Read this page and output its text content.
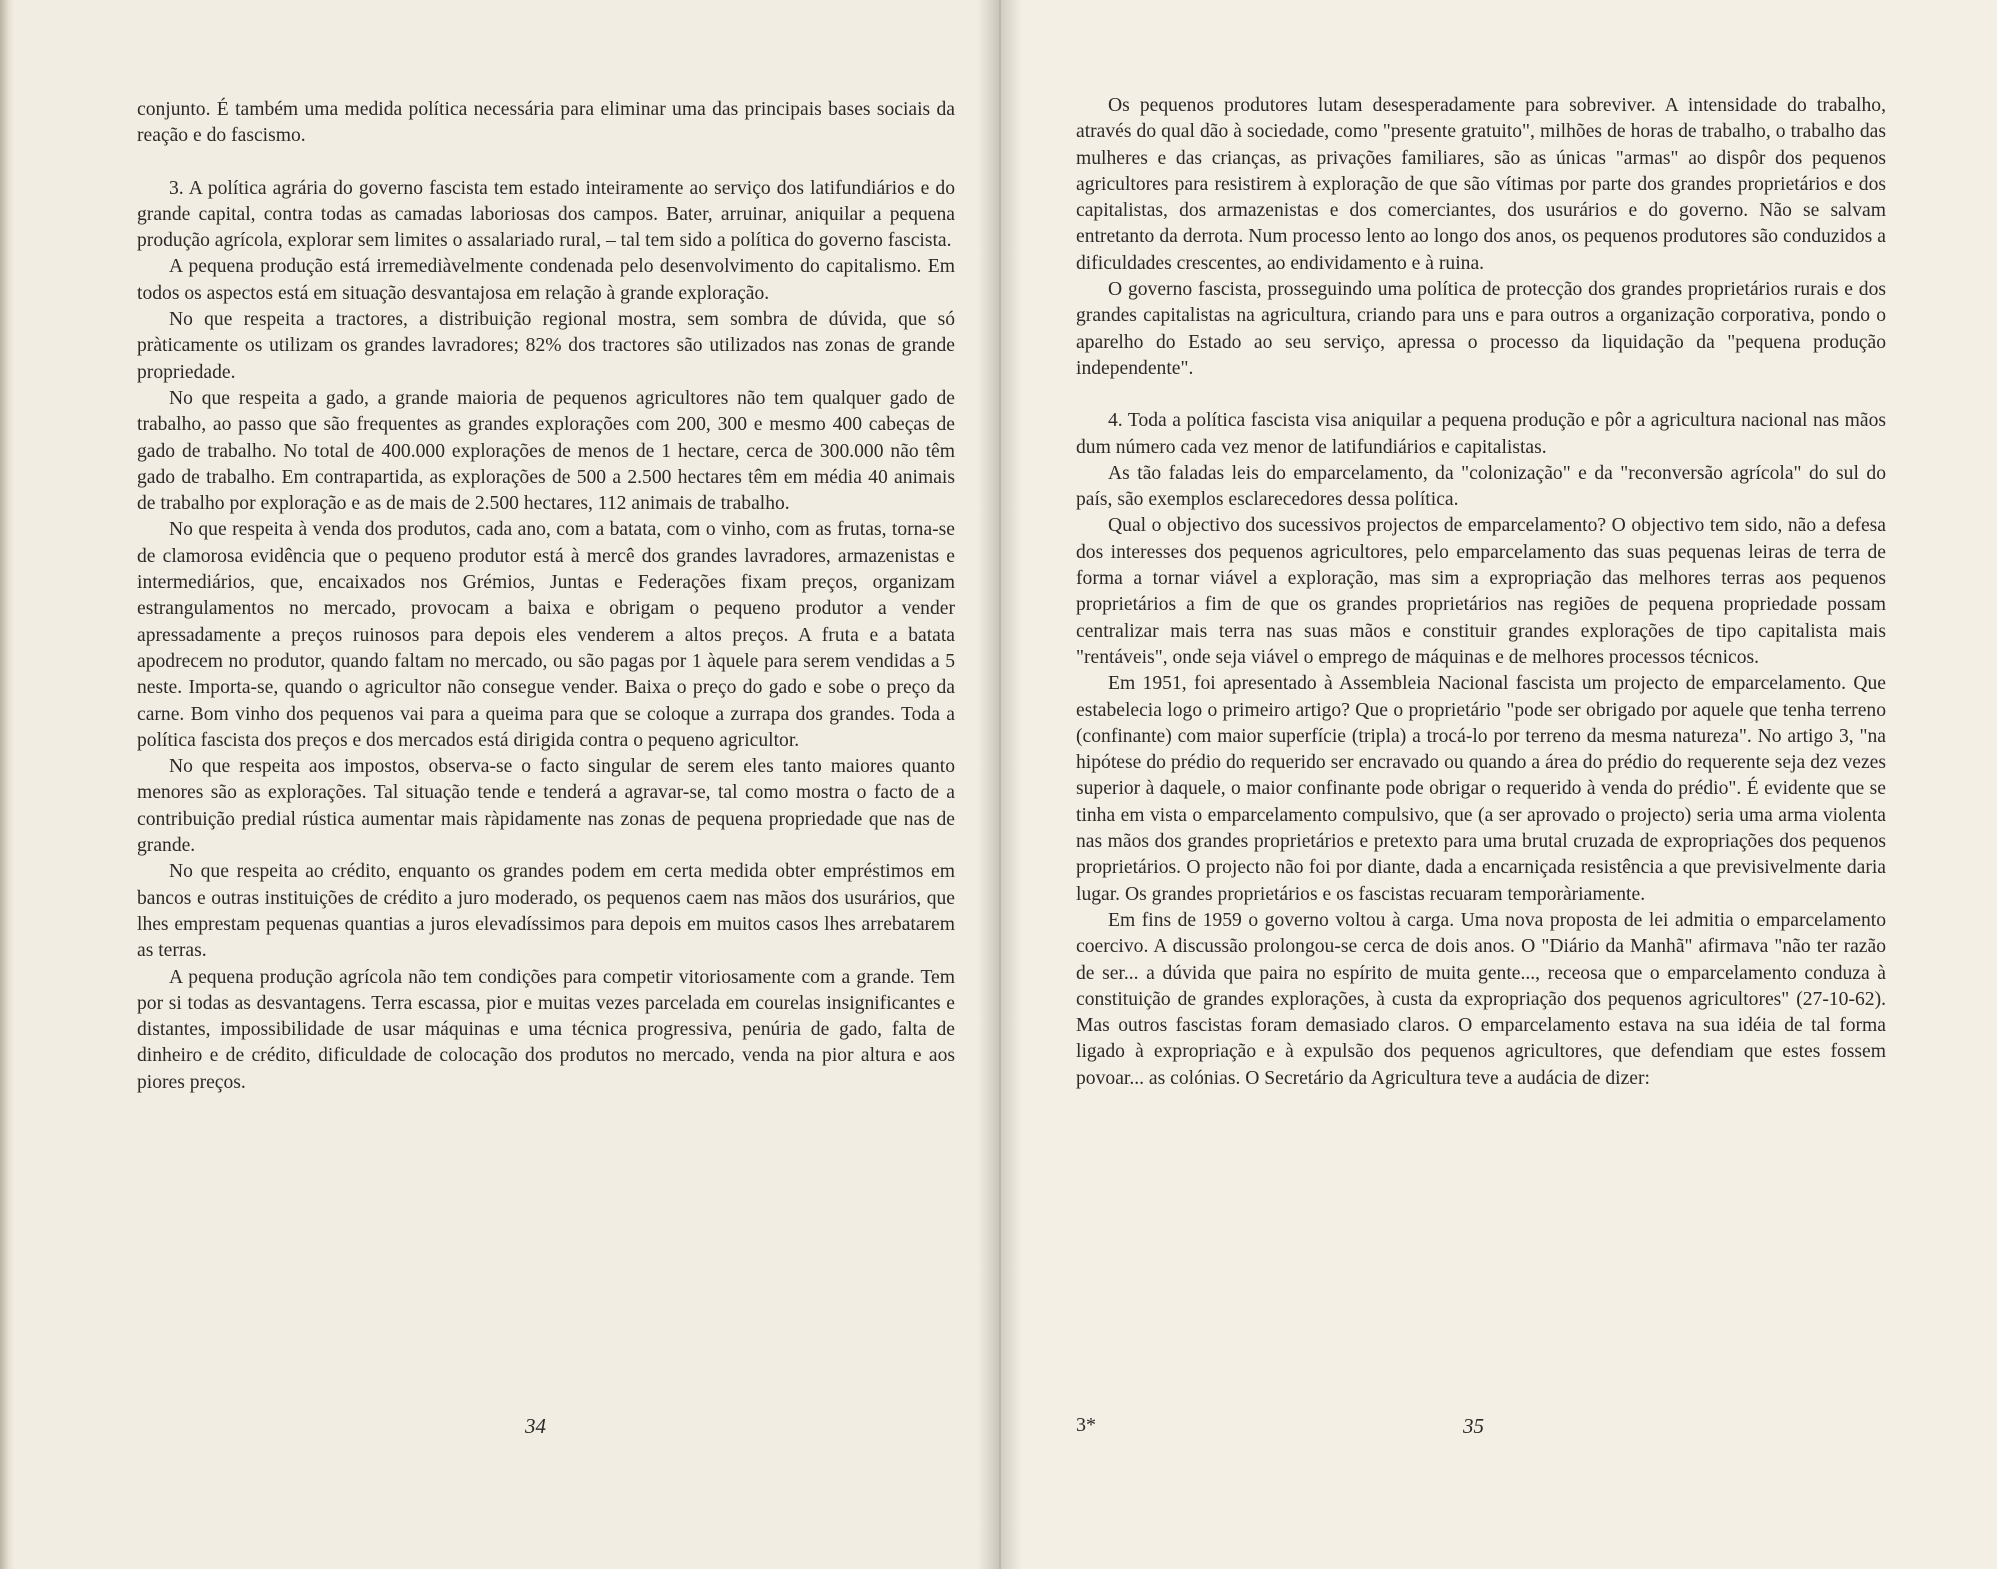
conjunto. É também uma medida política necessária para eliminar uma das principais bases sociais da reação e do fascismo.

3. A política agrária do governo fascista tem estado inteiramente ao serviço dos latifundiários e do grande capital, contra todas as camadas laboriosas dos campos. Bater, arruinar, aniquilar a pequena produção agrícola, explorar sem limites o assalariado rural, – tal tem sido a política do governo fascista.

A pequena produção está irremediàvelmente condenada pelo desenvolvimento do capitalismo. Em todos os aspectos está em situação desvantajosa em relação à grande exploração.

No que respeita a tractores, a distribuição regional mostra, sem sombra de dúvida, que só pràticamente os utilizam os grandes lavradores; 82% dos tractores são utilizados nas zonas de grande propriedade.

No que respeita a gado, a grande maioria de pequenos agricultores não tem qualquer gado de trabalho, ao passo que são frequentes as grandes explorações com 200, 300 e mesmo 400 cabeças de gado de trabalho. No total de 400.000 explorações de menos de 1 hectare, cerca de 300.000 não têm gado de trabalho. Em contrapartida, as explorações de 500 a 2.500 hectares têm em média 40 animais de trabalho por exploração e as de mais de 2.500 hectares, 112 animais de trabalho.

No que respeita à venda dos produtos, cada ano, com a batata, com o vinho, com as frutas, torna-se de clamorosa evidência que o pequeno produtor está à mercê dos grandes lavradores, armazenistas e intermediários, que, encaixados nos Grémios, Juntas e Federações fixam preços, organizam estrangulamentos no mercado, provocam a baixa e obrigam o pequeno produtor a vender apressadamente a preços ruinosos para depois eles venderem a altos preços. A fruta e a batata apodrecem no produtor, quando faltam no mercado, ou são pagas por 1 àquele para serem vendidas a 5 neste. Importa-se, quando o agricultor não consegue vender. Baixa o preço do gado e sobe o preço da carne. Bom vinho dos pequenos vai para a queima para que se coloque a zurrapa dos grandes. Toda a política fascista dos preços e dos mercados está dirigida contra o pequeno agricultor.

No que respeita aos impostos, observa-se o facto singular de serem eles tanto maiores quanto menores são as explorações. Tal situação tende e tenderá a agravar-se, tal como mostra o facto de a contribuição predial rústica aumentar mais ràpidamente nas zonas de pequena propriedade que nas de grande.

No que respeita ao crédito, enquanto os grandes podem em certa medida obter empréstimos em bancos e outras instituições de crédito a juro moderado, os pequenos caem nas mãos dos usurários, que lhes emprestam pequenas quantias a juros elevadíssimos para depois em muitos casos lhes arrebatarem as terras.

A pequena produção agrícola não tem condições para competir vitoriosamente com a grande. Tem por si todas as desvantagens. Terra escassa, pior e muitas vezes parcelada em courelas insignificantes e distantes, impossibilidade de usar máquinas e uma técnica progressiva, penúria de gado, falta de dinheiro e de crédito, dificuldade de colocação dos produtos no mercado, venda na pior altura e aos piores preços.

34

Os pequenos produtores lutam desesperadamente para sobreviver. A intensidade do trabalho, através do qual dão à sociedade, como "presente gratuito", milhões de horas de trabalho, o trabalho das mulheres e das crianças, as privações familiares, são as únicas "armas" ao dispôr dos pequenos agricultores para resistirem à exploração de que são vítimas por parte dos grandes proprietários e dos capitalistas, dos armazenistas e dos comerciantes, dos usurários e do governo. Não se salvam entretanto da derrota. Num processo lento ao longo dos anos, os pequenos produtores são conduzidos a dificuldades crescentes, ao endividamento e à ruina.

O governo fascista, prosseguindo uma política de protecção dos grandes proprietários rurais e dos grandes capitalistas na agricultura, criando para uns e para outros a organização corporativa, pondo o aparelho do Estado ao seu serviço, apressa o processo da liquidação da "pequena produção independente".

4. Toda a política fascista visa aniquilar a pequena produção e pôr a agricultura nacional nas mãos dum número cada vez menor de latifundiários e capitalistas.

As tão faladas leis do emparcelamento, da "colonização" e da "reconversão agrícola" do sul do país, são exemplos esclarecedores dessa política.

Qual o objectivo dos sucessivos projectos de emparcelamento? O objectivo tem sido, não a defesa dos interesses dos pequenos agricultores, pelo emparcelamento das suas pequenas leiras de terra de forma a tornar viável a exploração, mas sim a expropriação das melhores terras aos pequenos proprietários a fim de que os grandes proprietários nas regiões de pequena propriedade possam centralizar mais terra nas suas mãos e constituir grandes explorações de tipo capitalista mais "rentáveis", onde seja viável o emprego de máquinas e de melhores processos técnicos.

Em 1951, foi apresentado à Assembleia Nacional fascista um projecto de emparcelamento. Que estabelecia logo o primeiro artigo? Que o proprietário "pode ser obrigado por aquele que tenha terreno (confinante) com maior superfície (tripla) a trocá-lo por terreno da mesma natureza". No artigo 3, "na hipótese do prédio do requerido ser encravado ou quando a área do prédio do requerente seja dez vezes superior à daquele, o maior confinante pode obrigar o requerido à venda do prédio". É evidente que se tinha em vista o emparcelamento compulsivo, que (a ser aprovado o projecto) seria uma arma violenta nas mãos dos grandes proprietários e pretexto para uma brutal cruzada de expropriações dos pequenos proprietários. O projecto não foi por diante, dada a encarniçada resistência a que previsivelmente daria lugar. Os grandes proprietários e os fascistas recuaram temporàriamente.

Em fins de 1959 o governo voltou à carga. Uma nova proposta de lei admitia o emparcelamento coercivo. A discussão prolongou-se cerca de dois anos. O "Diário da Manhã" afirmava "não ter razão de ser... a dúvida que paira no espírito de muita gente..., receosa que o emparcelamento conduza à constituição de grandes explorações, à custa da expropriação dos pequenos agricultores" (27-10-62). Mas outros fascistas foram demasiado claros. O emparcelamento estava na sua idéia de tal forma ligado à expropriação e à expulsão dos pequenos agricultores, que defendiam que estes fossem povoar... as colónias. O Secretário da Agricultura teve a audácia de dizer:

3*	35
